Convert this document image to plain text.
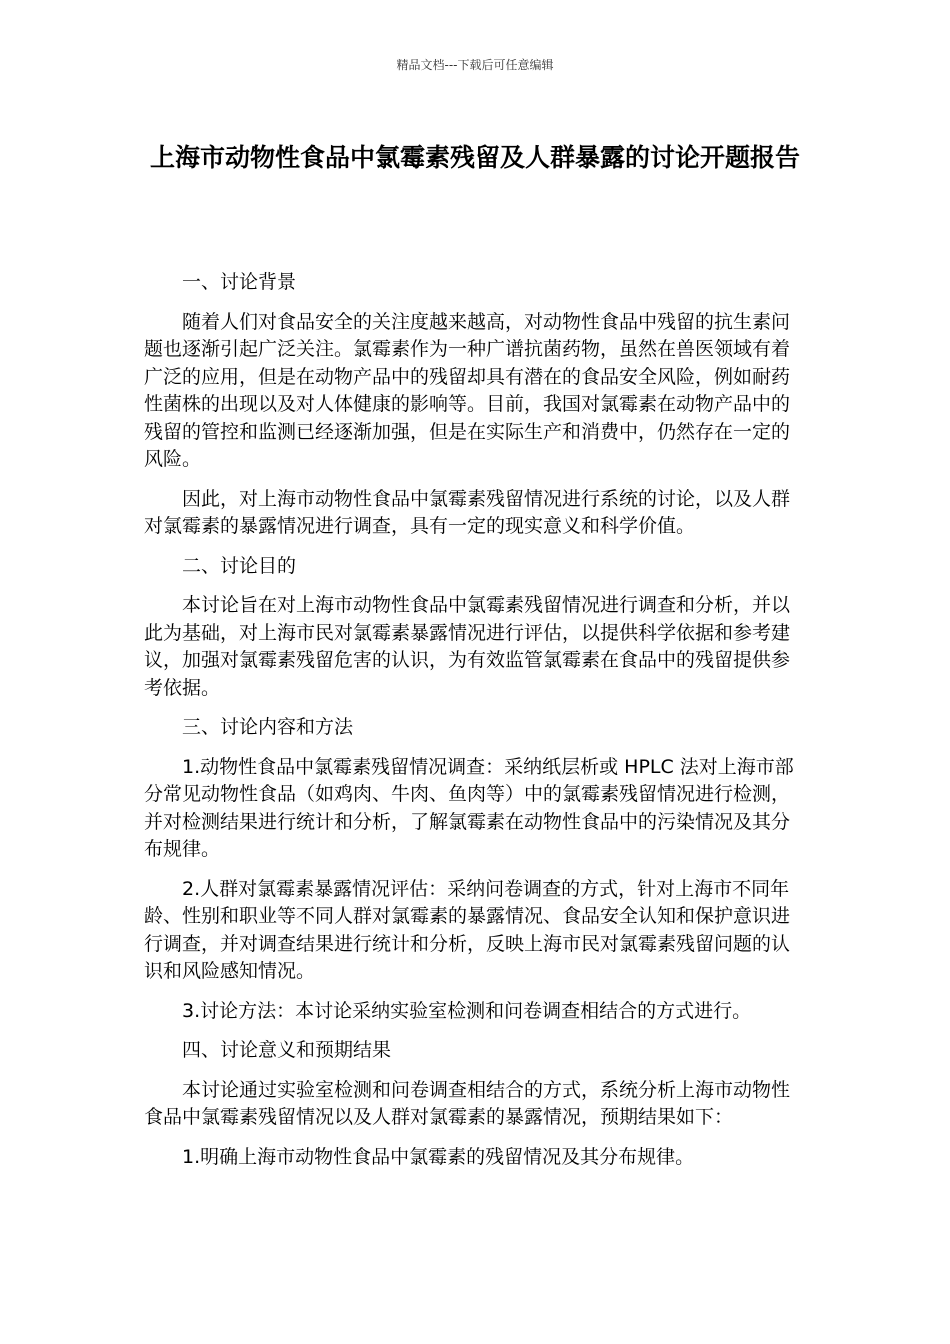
精品文档---下载后可任意编辑
上海市动物性食品中氯霉素残留及人群暴露的讨论开题报告

一、讨论背景

随着人们对食品安全的关注度越来越高，对动物性食品中残留的抗生素问题也逐渐引起广泛关注。氯霉素作为一种广谱抗菌药物，虽然在兽医领域有着广泛的应用，但是在动物产品中的残留却具有潜在的食品安全风险，例如耐药性菌株的出现以及对人体健康的影响等。目前，我国对氯霉素在动物产品中的残留的管控和监测已经逐渐加强，但是在实际生产和消费中，仍然存在一定的风险。

因此，对上海市动物性食品中氯霉素残留情况进行系统的讨论，以及人群对氯霉素的暴露情况进行调查，具有一定的现实意义和科学价值。

二、讨论目的

本讨论旨在对上海市动物性食品中氯霉素残留情况进行调查和分析，并以此为基础，对上海市民对氯霉素暴露情况进行评估，以提供科学依据和参考建议，加强对氯霉素残留危害的认识，为有效监管氯霉素在食品中的残留提供参考依据。

三、讨论内容和方法

1.动物性食品中氯霉素残留情况调查：采纳纸层析或 HPLC 法对上海市部分常见动物性食品（如鸡肉、牛肉、鱼肉等）中的氯霉素残留情况进行检测，并对检测结果进行统计和分析，了解氯霉素在动物性食品中的污染情况及其分布规律。

2.人群对氯霉素暴露情况评估：采纳问卷调查的方式，针对上海市不同年龄、性别和职业等不同人群对氯霉素的暴露情况、食品安全认知和保护意识进行调查，并对调查结果进行统计和分析，反映上海市民对氯霉素残留问题的认识和风险感知情况。

3.讨论方法：本讨论采纳实验室检测和问卷调查相结合的方式进行。

四、讨论意义和预期结果

本讨论通过实验室检测和问卷调查相结合的方式，系统分析上海市动物性食品中氯霉素残留情况以及人群对氯霉素的暴露情况，预期结果如下：

1.明确上海市动物性食品中氯霉素的残留情况及其分布规律。
